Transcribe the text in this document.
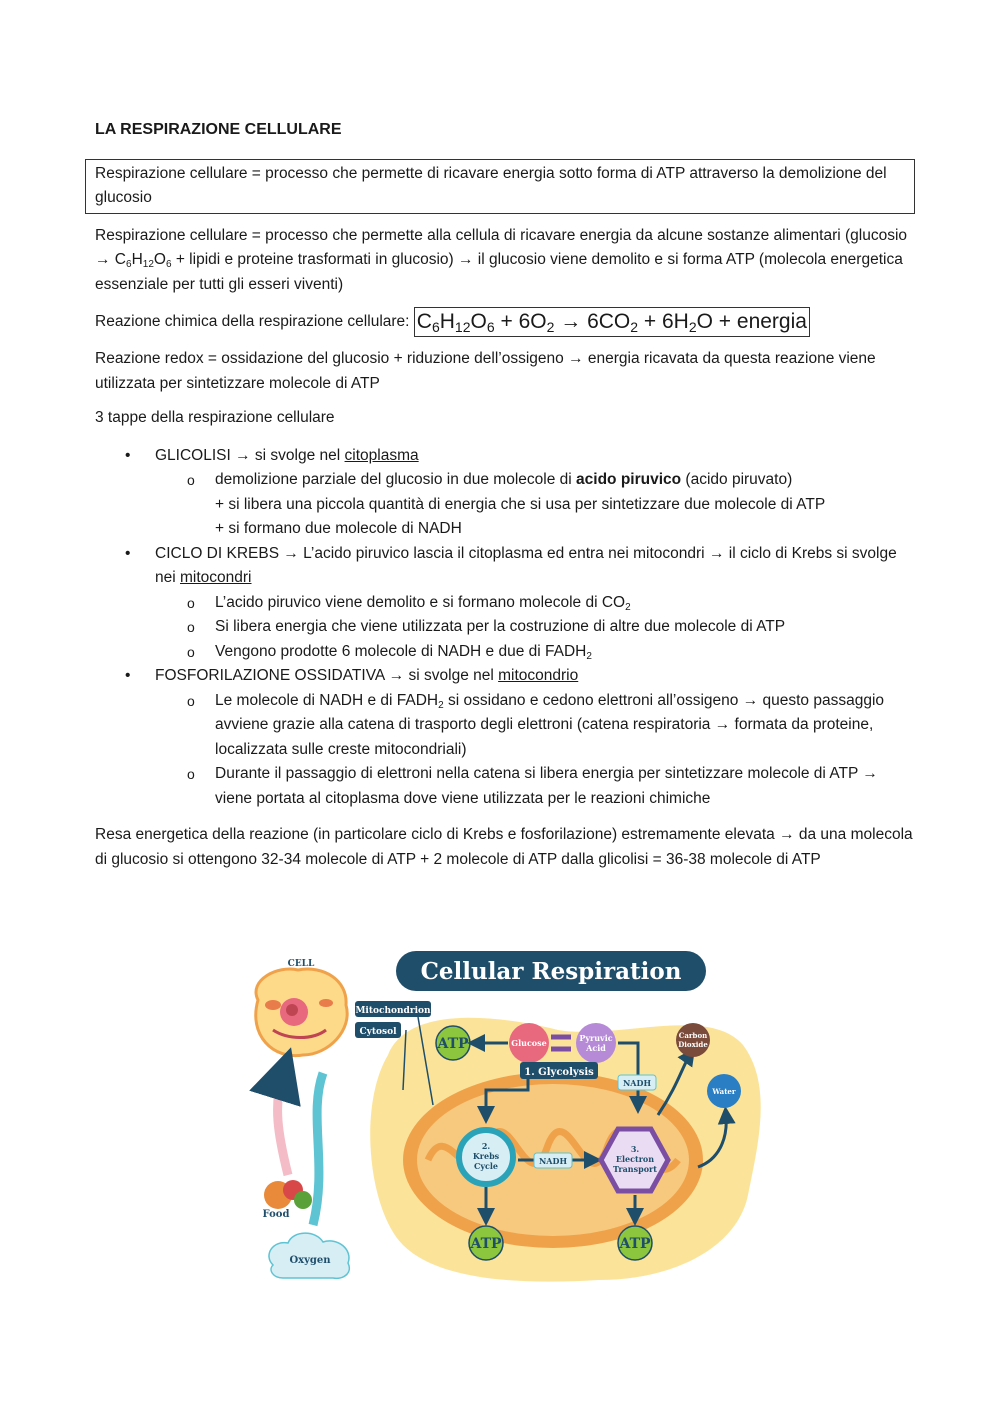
LA RESPIRAZIONE CELLULARE
Respirazione cellulare = processo che permette di ricavare energia sotto forma di ATP attraverso la demolizione del glucosio

Respirazione cellulare = processo che permette alla cellula di ricavare energia da alcune sostanze alimentari (glucosio → $C_6H_{12}O_6$ + lipidi e proteine trasformati in glucosio) → il glucosio viene demolito e si forma ATP (molecola energetica essenziale per tutti gli esseri viventi)

Reazione chimica della respirazione cellulare: $C_6H_{12}O_6 + 6O_2 \to 6CO_2 + 6H_2O$ + energia

Reazione redox = ossidazione del glucosio + riduzione dell’ossigeno → energia ricavata da questa reazione viene utilizzata per sintetizzare molecole di ATP

3 tappe della respirazione cellulare

• GLICOLISI → si svolge nel citoplasma
o demolizione parziale del glucosio in due molecole di acido piruvico (acido piruvato)
+ si libera una piccola quantità di energia che si usa per sintetizzare due molecole di ATP
+ si formano due molecole di NADH
• CICLO DI KREBS → L’acido piruvico lascia il citoplasma ed entra nei mitocondri → il ciclo di Krebs si svolge nei mitocondri
o L’acido piruvico viene demolito e si formano molecole di $CO_2$
o Si libera energia che viene utilizzata per la costruzione di altre due molecole di ATP
o Vengono prodotte 6 molecole di NADH e due di $FADH_2$
• FOSFORILAZIONE OSSIDATIVA → si svolge nel mitocondrio
o Le molecole di NADH e di $FADH_2$ si ossidano e cedono elettroni all’ossigeno → questo passaggio avviene grazie alla catena di trasporto degli elettroni (catena respiratoria → formata da proteine, localizzata sulle creste mitocondriali)
o Durante il passaggio di elettroni nella catena si libera energia per sintetizzare molecole di ATP → viene portata al citoplasma dove viene utilizzata per le reazioni chimiche

Resa energetica della reazione (in particolare ciclo di Krebs e fosforilazione) estremamente elevata → da una molecola di glucosio si ottengono 32-34 molecole di ATP + 2 molecole di ATP dalla glicolisi = 36-38 molecole di ATP

Cellular Respiration
CELL
Mitochondrion
Cytosol
Food
Oxygen
ATP	Glucose	Pyruvic
Acid
1. Glycolysis
NADH
2.
Krebs
Cycle	NADH
ATP
3.
Electron
Transport
ATP
Carbon
Dioxide
Water
